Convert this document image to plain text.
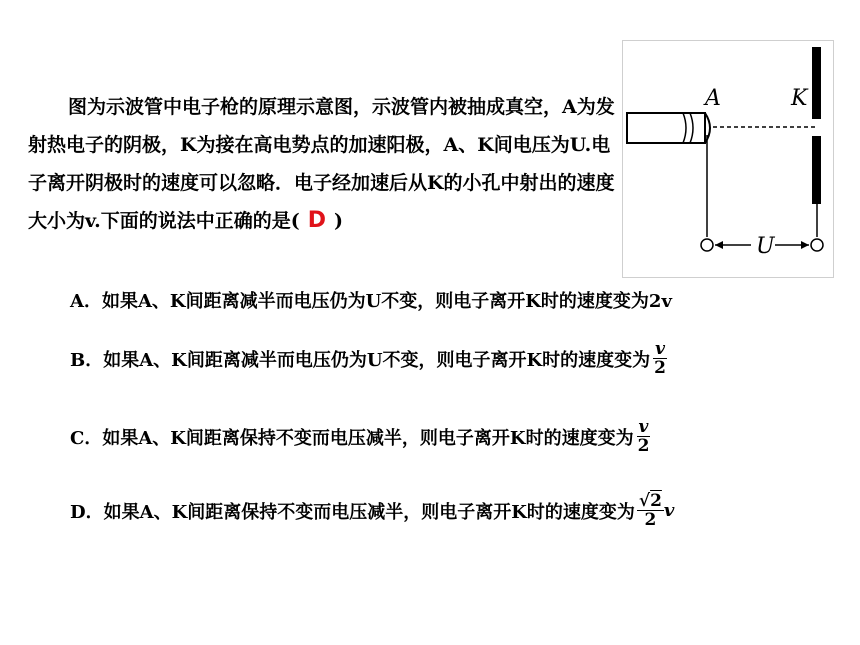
图为示波管中电子枪的原理示意图，示波管内被抽成真空，A为发射热电子的阴极，K为接在高电势点的加速阳极，A、K间电压为U.电子离开阴极时的速度可以忽略．电子经加速后从K的小孔中射出的速度大小为v.下面的说法中正确的是( D )

A．如果A、K间距离减半而电压仍为U不变，则电子离开K时的速度变为2v
B．如果A、K间距离减半而电压仍为U不变，则电子离开K时的速度变为 $\frac{v}{2}$
C．如果A、K间距离保持不变而电压减半，则电子离开K时的速度变为 $\frac{v}{2}$
D．如果A、K间距离保持不变而电压减半，则电子离开K时的速度变为 $\frac{√2}{2}$ v
A	K
U
